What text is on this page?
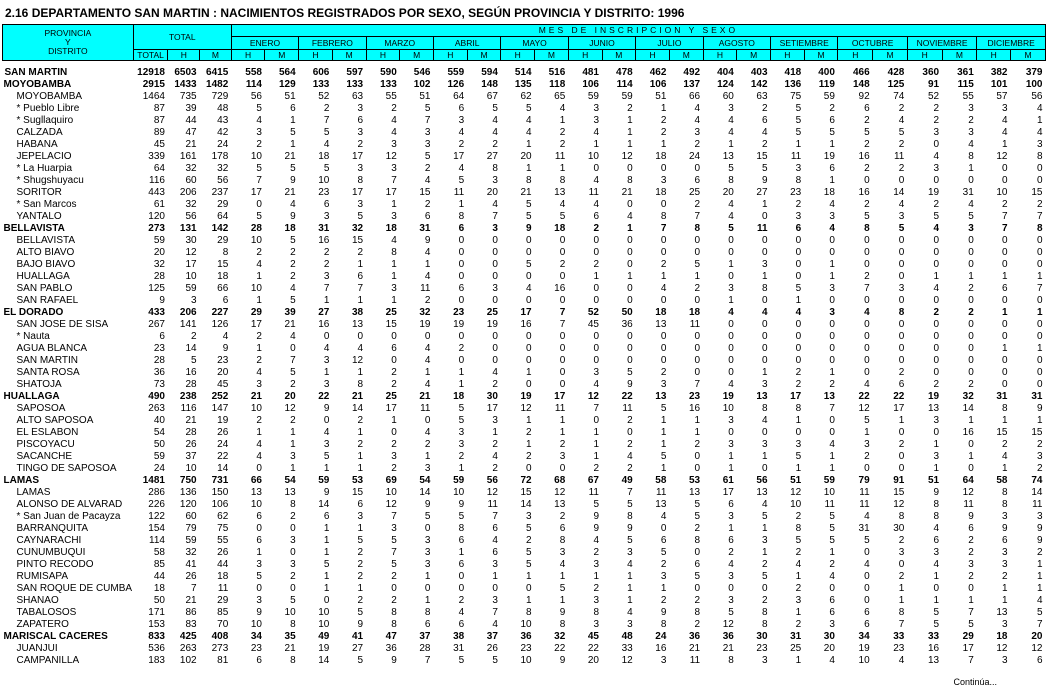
2.16 DEPARTAMENTO SAN MARTIN : NACIMIENTOS REGISTRADOS POR SEXO, SEGÚN PROVINCIA Y DISTRITO: 1996
PROVINCIA
Y
DISTRITO	TOTAL			MES DE INSCRIPCION Y SEXO																							
				ENERO		FEBRERO		MARZO		ABRIL		MAYO		JUNIO		JULIO		AGOSTO		SETIEMBRE		OCTUBRE		NOVIEMBRE		DICIEMBRE	
	TOTAL	H	M	H	M	H	M	H	M	H	M	H	M	H	M	H	M	H	M	H	M	H	M	H	M	H	M

SAN MARTIN	12918	6503	6415	558	564	606	597	590	546	559	594	514	516	481	478	462	492	404	403	418	400	466	428	360	361	382	379
MOYOBAMBA	2915	1433	1482	114	129	133	133	133	102	126	148	135	118	106	114	106	137	124	142	136	119	148	125	91	115	101	100
MOYOBAMBA	1464	735	729	56	51	52	63	55	51	64	67	62	65	59	59	51	66	60	63	75	59	92	74	52	55	57	56
* Pueblo Libre	87	39	48	5	6	2	3	2	5	6	5	5	4	3	2	1	4	3	2	5	2	6	2	2	3	3	4
* Sugllaquiro	87	44	43	4	1	7	6	4	7	3	4	4	1	3	1	2	4	4	6	5	6	2	4	2	2	4	1
CALZADA	89	47	42	3	5	5	3	4	3	4	4	4	2	4	1	2	3	4	4	5	5	5	5	3	3	4	4
HABANA	45	21	24	2	1	4	2	3	3	2	2	1	2	1	1	1	2	1	2	1	1	2	2	0	4	1	3
JEPELACIO	339	161	178	10	21	18	17	12	5	17	27	20	11	10	12	18	24	13	15	11	19	16	11	4	8	12	8
* La Huarpia	64	32	32	5	5	5	3	3	2	4	8	1	1	0	0	0	0	5	5	3	6	2	2	3	1	0	0
* Shugshuyacu	116	60	56	7	9	10	8	7	4	5	3	8	8	4	8	3	6	8	9	8	1	0	0	0	0	0	0
SORITOR	443	206	237	17	21	23	17	17	15	11	20	21	13	11	21	18	25	20	27	23	18	16	14	19	31	10	15
* San Marcos	61	32	29	0	4	6	3	1	2	1	4	5	4	4	0	0	2	4	1	2	4	2	4	2	4	2	2
YANTALO	120	56	64	5	9	3	5	3	6	8	7	5	5	6	4	8	7	4	0	3	3	5	3	5	5	7	7
BELLAVISTA	273	131	142	28	18	31	32	18	31	6	3	9	18	2	1	7	8	5	11	6	4	8	5	4	3	7	8
BELLAVISTA	59	30	29	10	5	16	15	4	9	0	0	0	0	0	0	0	0	0	0	0	0	0	0	0	0	0	0
ALTO BIAVO	20	12	8	2	2	2	2	8	4	0	0	0	0	0	0	0	0	0	0	0	0	0	0	0	0	0	0
BAJO BIAVO	32	17	15	4	2	2	1	1	1	0	0	5	2	2	0	2	5	1	3	0	1	0	0	0	0	0	0
HUALLAGA	28	10	18	1	2	3	6	1	4	0	0	0	0	1	1	1	1	0	1	0	1	2	0	1	1	1	1
SAN PABLO	125	59	66	10	4	7	7	3	11	6	3	4	16	0	0	4	2	3	8	5	3	7	3	4	2	6	7
SAN RAFAEL	9	3	6	1	5	1	1	1	2	0	0	0	0	0	0	0	0	1	0	1	0	0	0	0	0	0	0
EL DORADO	433	206	227	29	39	27	38	25	32	23	25	17	7	52	50	18	18	4	4	4	3	4	8	2	2	1	1
SAN JOSE DE SISA	267	141	126	17	21	16	13	15	19	19	19	16	7	45	36	13	11	0	0	0	0	0	0	0	0	0	0
* Nauta	6	2	4	2	4	0	0	0	0	0	0	0	0	0	0	0	0	0	0	0	0	0	0	0	0	0	0
AGUA BLANCA	23	14	9	1	0	4	4	6	4	2	0	0	0	0	0	0	0	0	0	0	0	0	0	0	0	1	1
SAN MARTIN	28	5	23	2	7	3	12	0	4	0	0	0	0	0	0	0	0	0	0	0	0	0	0	0	0	0	0
SANTA ROSA	36	16	20	4	5	1	1	2	1	1	4	1	0	3	5	2	0	0	1	2	1	0	2	0	0	0	0
SHATOJA	73	28	45	3	2	3	8	2	4	1	2	0	0	4	9	3	7	4	3	2	2	4	6	2	2	0	0
HUALLAGA	490	238	252	21	20	22	21	25	21	18	30	19	17	12	22	13	23	19	13	17	13	22	22	19	32	31	31
SAPOSOA	263	116	147	10	12	9	14	17	11	5	17	12	11	7	11	5	16	10	8	8	7	12	17	13	14	8	9
ALTO SAPOSOA	40	21	19	2	2	0	2	1	0	5	3	1	1	0	2	1	1	3	4	1	0	5	1	3	1	1	1
EL ESLABON	54	28	26	1	1	4	1	0	4	3	1	2	1	1	0	1	1	0	0	0	0	1	0	0	16	15	15
PISCOYACU	50	26	24	4	1	3	2	2	2	3	2	1	2	1	2	1	2	3	3	3	4	3	2	1	0	2	2
SACANCHE	59	37	22	4	3	5	1	3	1	2	4	2	3	1	4	5	0	1	1	5	1	2	0	3	1	4	3
TINGO DE SAPOSOA	24	10	14	0	1	1	1	2	3	1	2	0	0	2	2	1	0	1	0	1	1	0	0	1	0	1	2
LAMAS	1481	750	731	66	54	59	53	69	54	59	56	72	68	67	49	58	53	61	56	51	59	79	91	51	64	58	74
LAMAS	286	136	150	13	13	9	15	10	14	10	12	15	12	11	7	11	13	17	13	12	10	11	15	9	12	8	14
ALONSO DE ALVARAD	226	120	106	10	8	14	6	12	9	9	11	14	13	5	5	13	5	6	4	10	11	11	12	8	11	8	11
* San Juan de Pacayza	122	60	62	6	2	6	3	7	5	5	7	3	2	9	8	4	5	3	5	2	5	4	8	8	9	3	3
BARRANQUITA	154	79	75	0	0	1	1	3	0	8	6	5	6	9	9	0	2	1	1	8	5	31	30	4	6	9	9
CAYNARACHI	114	59	55	6	3	1	5	5	3	6	4	2	8	4	5	6	8	6	3	5	5	5	2	6	2	6	9
CUÑUMBUQUI	58	32	26	1	0	1	2	7	3	1	6	5	3	2	3	5	0	2	1	2	1	0	3	3	2	3	2
PINTO RECODO	85	41	44	3	3	5	2	5	3	6	3	5	4	3	4	2	6	4	2	4	2	4	0	4	3	3	1
RUMISAPA	44	26	18	5	2	1	2	2	1	0	1	1	1	1	1	3	5	3	5	1	4	0	2	1	2	2	1
SAN ROQUE DE CUMBA	18	7	11	0	0	1	1	0	0	0	0	0	5	2	1	1	0	0	0	2	0	0	1	0	0	1	1
SHANAO	50	21	29	3	5	0	2	2	1	2	3	1	1	3	1	2	2	3	2	3	6	0	1	1	1	1	4
TABALOSOS	171	86	85	9	10	10	5	8	8	4	7	8	9	8	4	9	8	5	8	1	6	6	8	5	7	13	5
ZAPATERO	153	83	70	10	8	10	9	8	6	6	4	10	8	3	3	8	2	12	8	2	3	6	7	5	5	3	7
MARISCAL CACERES	833	425	408	34	35	49	41	47	37	38	37	36	32	45	48	24	36	36	30	31	30	34	33	33	29	18	20
JUANJUI	536	263	273	23	21	19	27	36	28	31	26	23	22	22	33	16	21	21	23	25	20	19	23	16	17	12	12
CAMPANILLA	183	102	81	6	8	14	5	9	7	5	5	10	9	20	12	3	11	8	3	1	4	10	4	13	7	3	6
Continúa...
